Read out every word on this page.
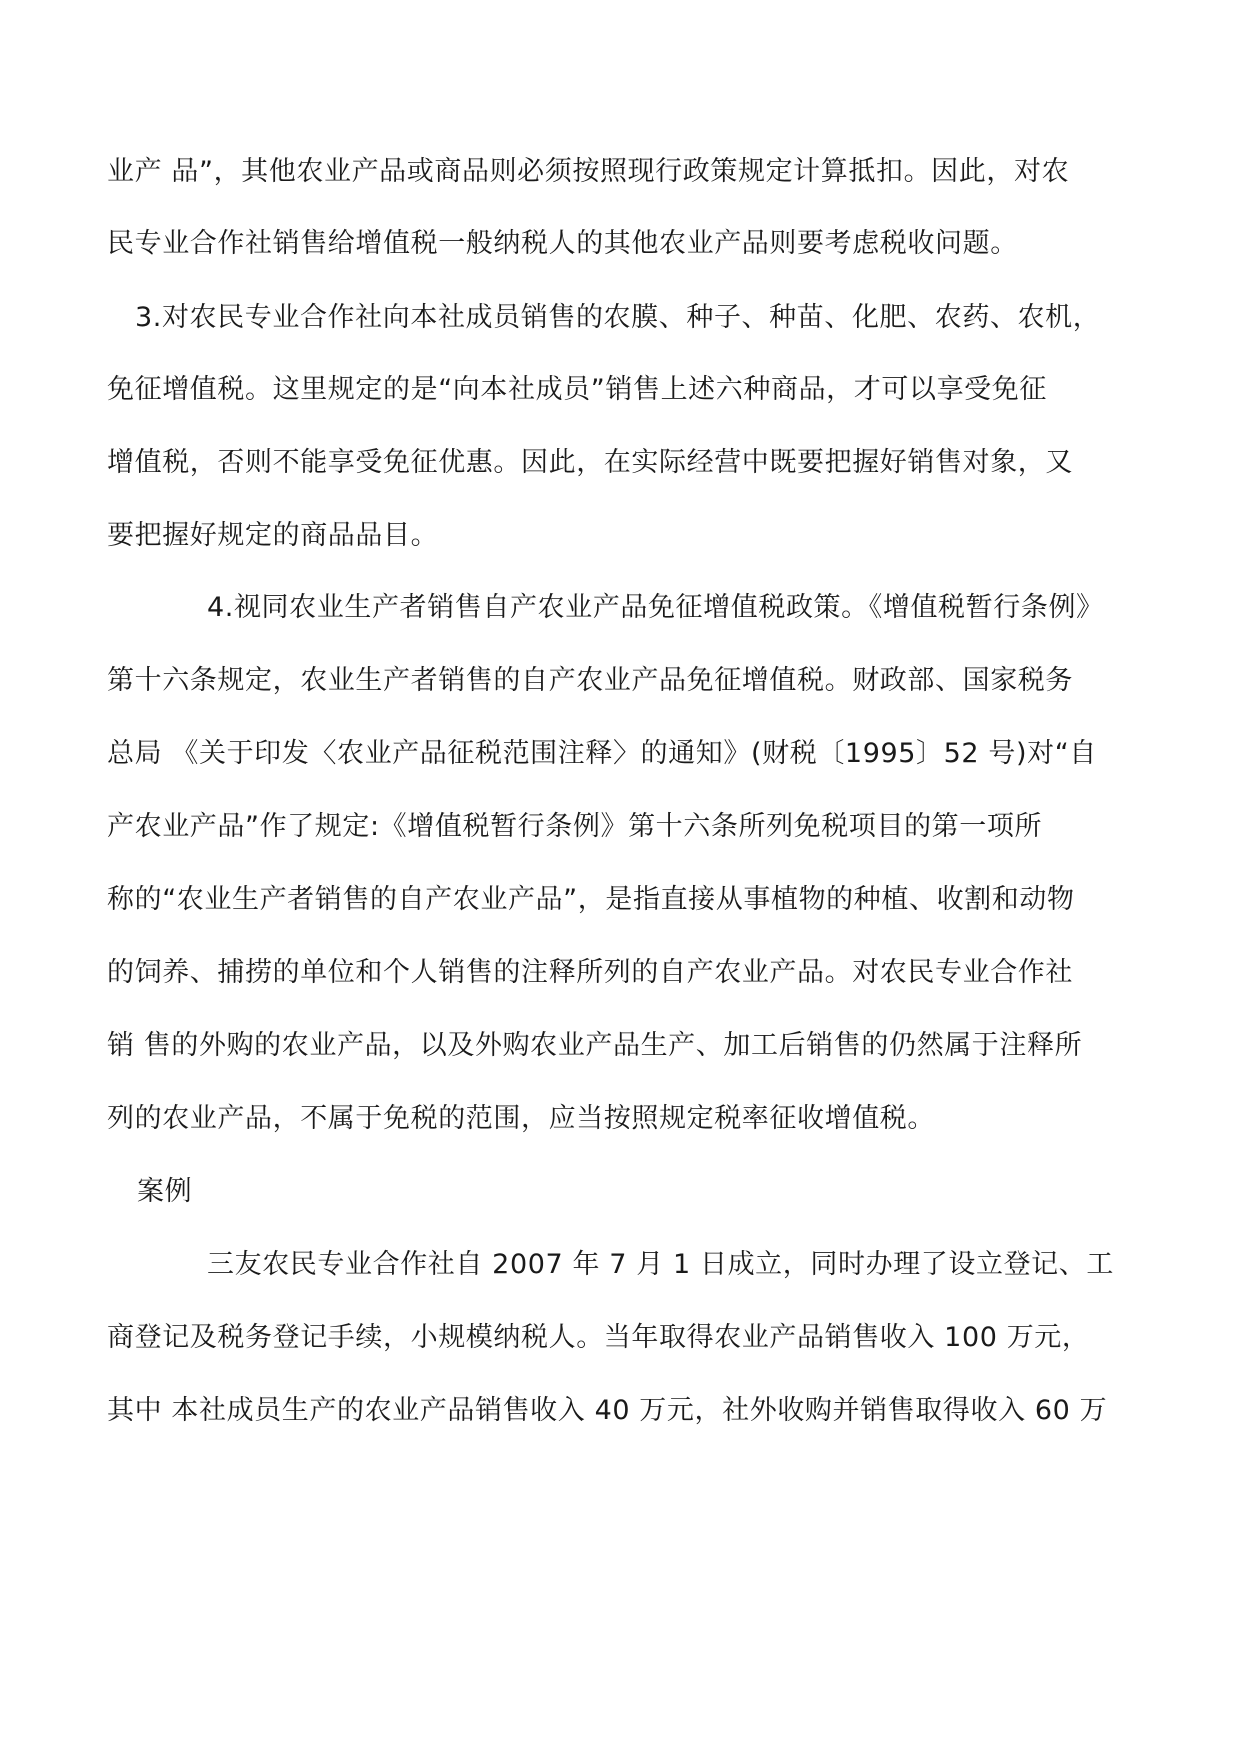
业产 品”，其他农业产品或商品则必须按照现行政策规定计算抵扣。因此，对农
民专业合作社销售给增值税一般纳税人的其他农业产品则要考虑税收问题。
3.对农民专业合作社向本社成员销售的农膜、种子、种苗、化肥、农药、农机，
免征增值税。这里规定的是“向本社成员”销售上述六种商品，才可以享受免征
增值税，否则不能享受免征优惠。因此，在实际经营中既要把握好销售对象，又
要把握好规定的商品品目。
4.视同农业生产者销售自产农业产品免征增值税政策。《增值税暂行条例》
第十六条规定，农业生产者销售的自产农业产品免征增值税。财政部、国家税务
总局 《关于印发〈农业产品征税范围注释〉的通知》(财税〔1995〕52 号)对“自
产农业产品”作了规定:《增值税暂行条例》第十六条所列免税项目的第一项所
称的“农业生产者销售的自产农业产品”，是指直接从事植物的种植、收割和动物
的饲养、捕捞的单位和个人销售的注释所列的自产农业产品。对农民专业合作社
销 售的外购的农业产品，以及外购农业产品生产、加工后销售的仍然属于注释所
列的农业产品，不属于免税的范围，应当按照规定税率征收增值税。
案例
三友农民专业合作社自 2007 年 7 月 1 日成立，同时办理了设立登记、工
商登记及税务登记手续，小规模纳税人。当年取得农业产品销售收入 100 万元，
其中 本社成员生产的农业产品销售收入 40 万元，社外收购并销售取得收入 60 万
